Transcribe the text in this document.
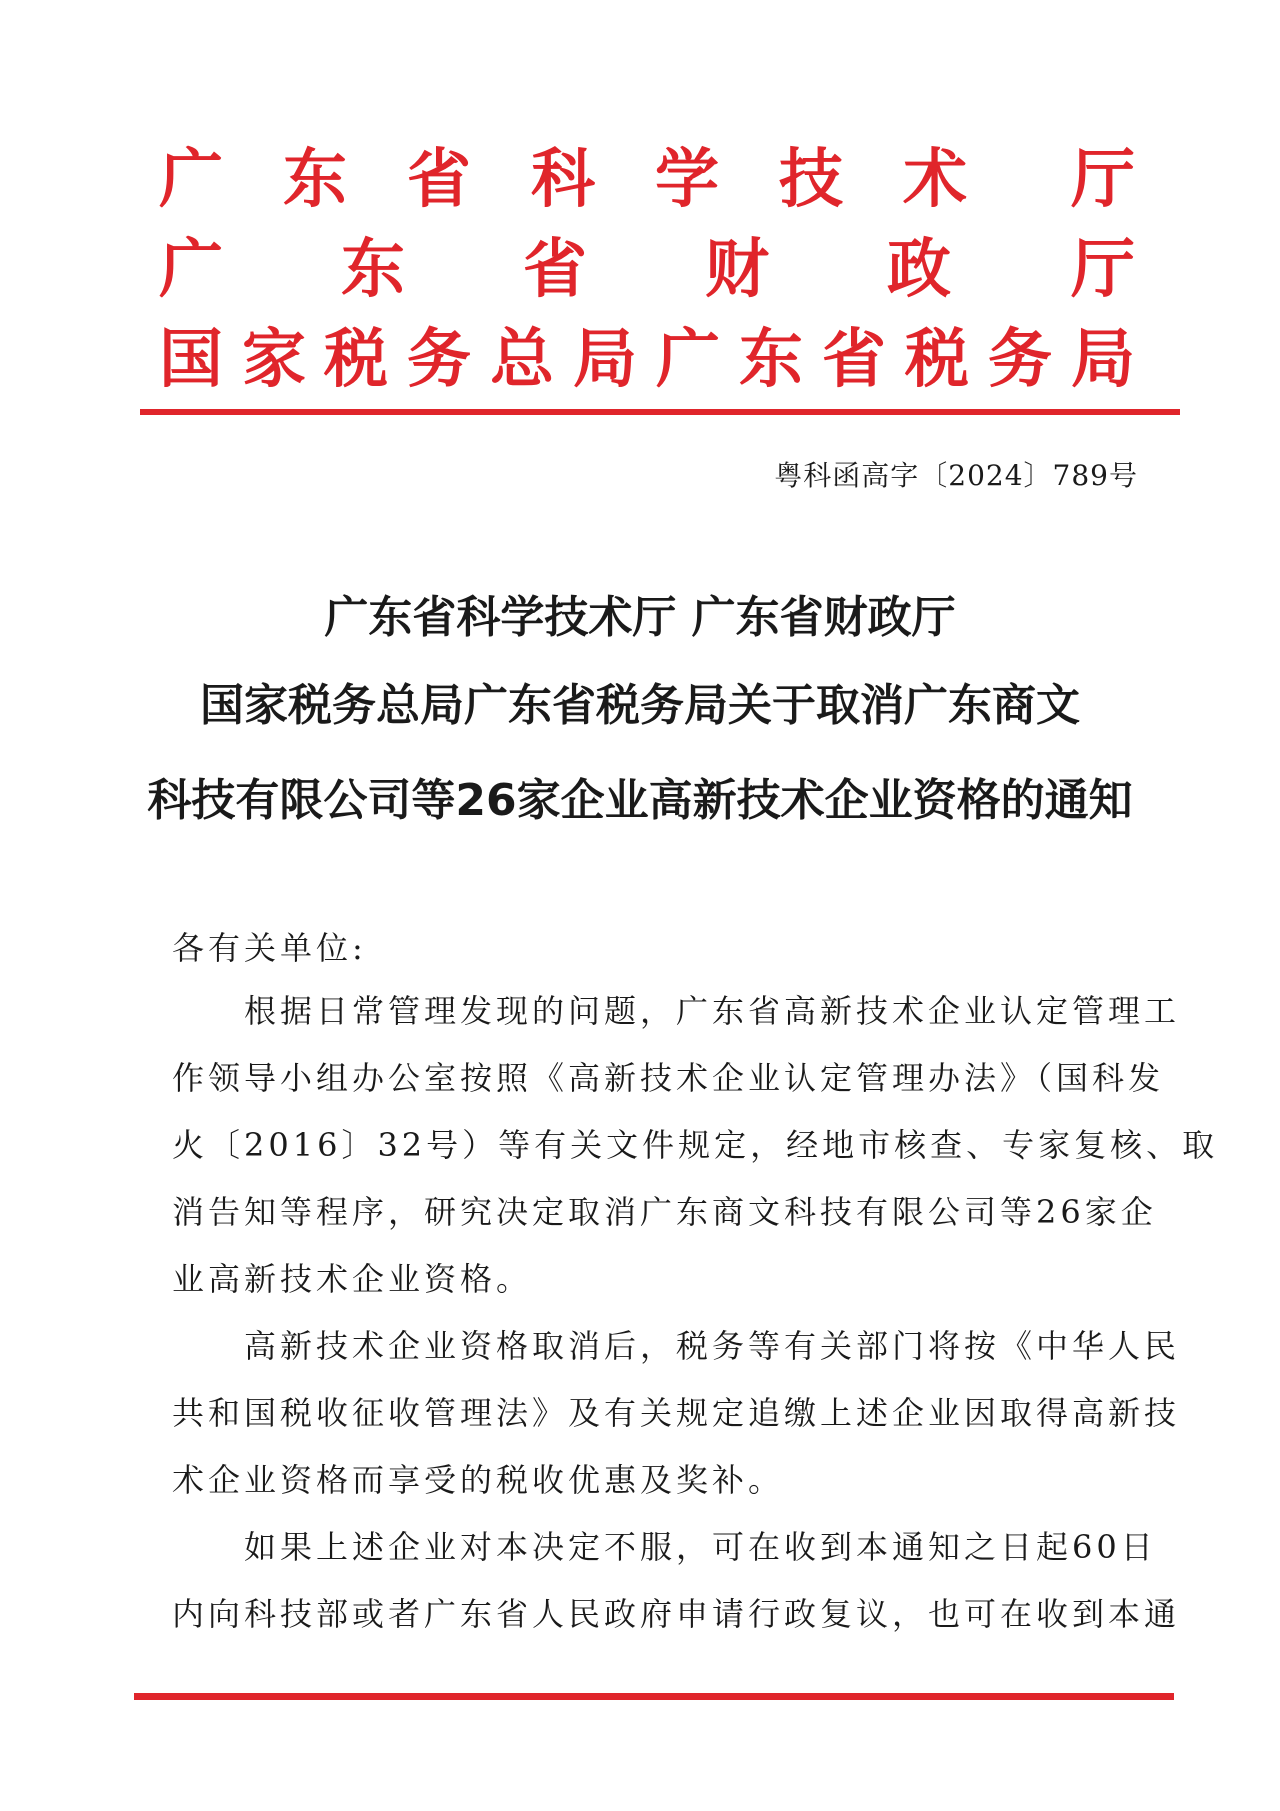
广 东 省 科 学 技 术 厅
广 东 省 财 政 厅
国 家 税 务 总 局 广 东 省 税 务 局
粤科函高字〔2024〕789号
广东省科学技术厅 广东省财政厅
国家税务总局广东省税务局关于取消广东商文
科技有限公司等26家企业高新技术企业资格的通知
各有关单位:
　　根据日常管理发现的问题，广东省高新技术企业认定管理工
作领导小组办公室按照《高新技术企业认定管理办法》（国科发
火〔2016〕32号）等有关文件规定，经地市核查、专家复核、取
消告知等程序，研究决定取消广东商文科技有限公司等26家企
业高新技术企业资格。
　　高新技术企业资格取消后，税务等有关部门将按《中华人民
共和国税收征收管理法》及有关规定追缴上述企业因取得高新技
术企业资格而享受的税收优惠及奖补。
　　如果上述企业对本决定不服，可在收到本通知之日起60日
内向科技部或者广东省人民政府申请行政复议，也可在收到本通
